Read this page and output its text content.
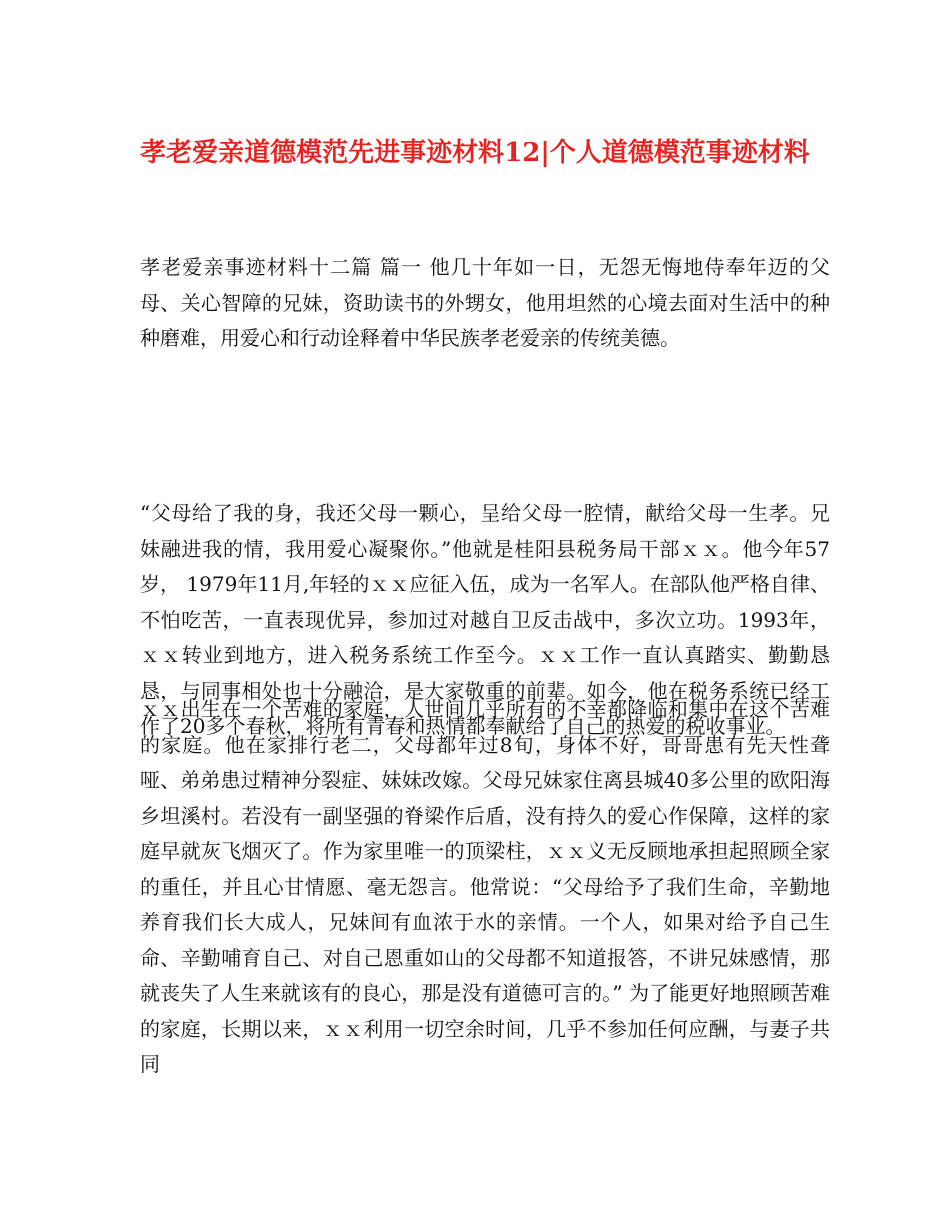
孝老爱亲道德模范先进事迹材料12|个人道德模范事迹材料

孝老爱亲事迹材料十二篇 篇一 他几十年如一日，无怨无悔地侍奉年迈的父母、关心智障的兄妹，资助读书的外甥女，他用坦然的心境去面对生活中的种种磨难，用爱心和行动诠释着中华民族孝老爱亲的传统美德。

“父母给了我的身，我还父母一颗心，呈给父母一腔情，献给父母一生孝。兄妹融进我的情，我用爱心凝聚你。”他就是桂阳县税务局干部ｘｘ。他今年57岁， 1979年11月,年轻的ｘｘ应征入伍，成为一名军人。在部队他严格自律、不怕吃苦，一直表现优异，参加过对越自卫反击战中，多次立功。1993年，ｘｘ转业到地方，进入税务系统工作至今。ｘｘ工作一直认真踏实、勤勤恳恳，与同事相处也十分融洽，是大家敬重的前辈。如今，他在税务系统已经工作了20多个春秋，将所有青春和热情都奉献给了自己的热爱的税收事业。

ｘｘ出生在一个苦难的家庭，人世间几乎所有的不幸都降临和集中在这个苦难的家庭。他在家排行老二，父母都年过8旬，身体不好，哥哥患有先天性聋哑、弟弟患过精神分裂症、妹妹改嫁。父母兄妹家住离县城40多公里的欧阳海乡坦溪村。若没有一副坚强的脊梁作后盾，没有持久的爱心作保障，这样的家庭早就灰飞烟灭了。作为家里唯一的顶梁柱，ｘｘ义无反顾地承担起照顾全家的重任，并且心甘情愿、毫无怨言。他常说：“父母给予了我们生命，辛勤地养育我们长大成人，兄妹间有血浓于水的亲情。一个人，如果对给予自己生命、辛勤哺育自己、对自己恩重如山的父母都不知道报答，不讲兄妹感情，那就丧失了人生来就该有的良心，那是没有道德可言的。” 为了能更好地照顾苦难的家庭，长期以来，ｘｘ利用一切空余时间，几乎不参加任何应酬，与妻子共同
